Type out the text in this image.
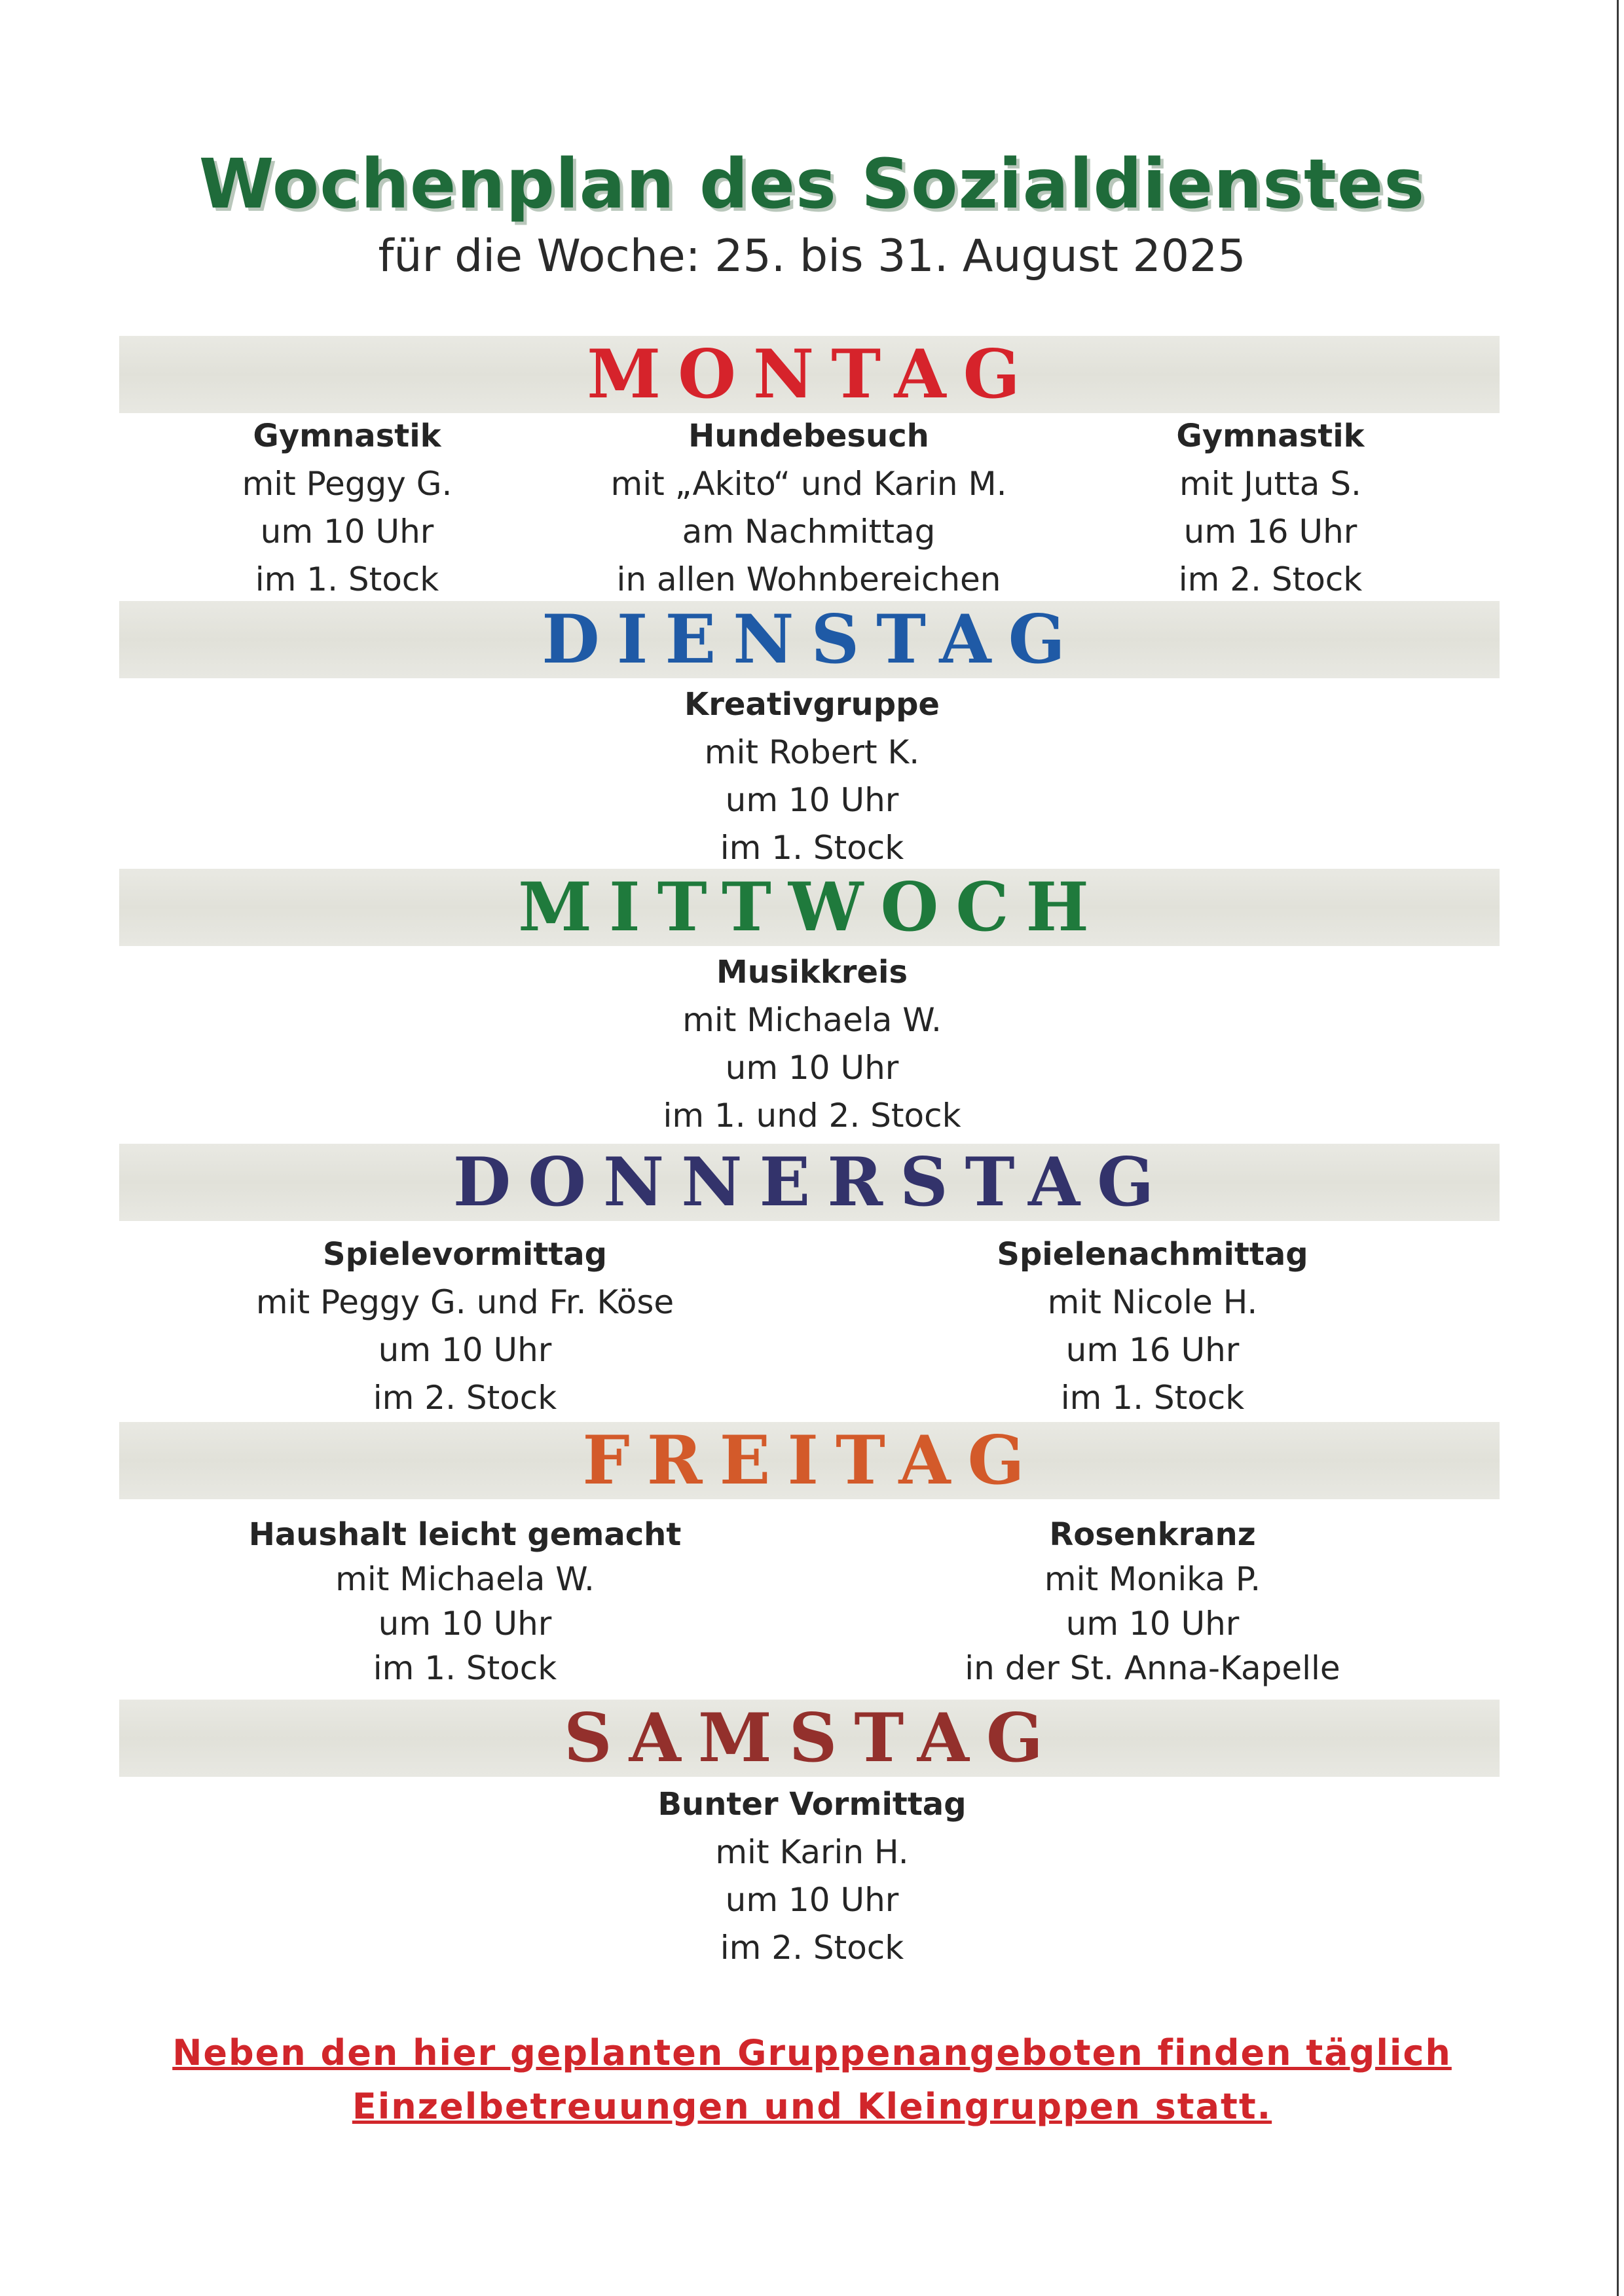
Wochenplan des Sozialdienstes
für die Woche: 25. bis 31. August 2025
MONTAG
Gymnastik
mit Peggy G.
um 10 Uhr
im 1. Stock
Hundebesuch
mit „Akito“ und Karin M.
am Nachmittag
in allen Wohnbereichen
Gymnastik
mit Jutta S.
um 16 Uhr
im 2. Stock
DIENSTAG
Kreativgruppe
mit Robert K.
um 10 Uhr
im 1. Stock
MITTWOCH
Musikkreis
mit Michaela W.
um 10 Uhr
im 1. und 2. Stock
DONNERSTAG
Spielevormittag
mit Peggy G. und Fr. Köse
um 10 Uhr
im 2. Stock
Spielenachmittag
mit Nicole H.
um 16 Uhr
im 1. Stock
FREITAG
Haushalt leicht gemacht
mit Michaela W.
um 10 Uhr
im 1. Stock
Rosenkranz
mit Monika P.
um 10 Uhr
in der St. Anna-Kapelle
SAMSTAG
Bunter Vormittag
mit Karin H.
um 10 Uhr
im 2. Stock
Neben den hier geplanten Gruppenangeboten finden täglich
Einzelbetreuungen und Kleingruppen statt.
